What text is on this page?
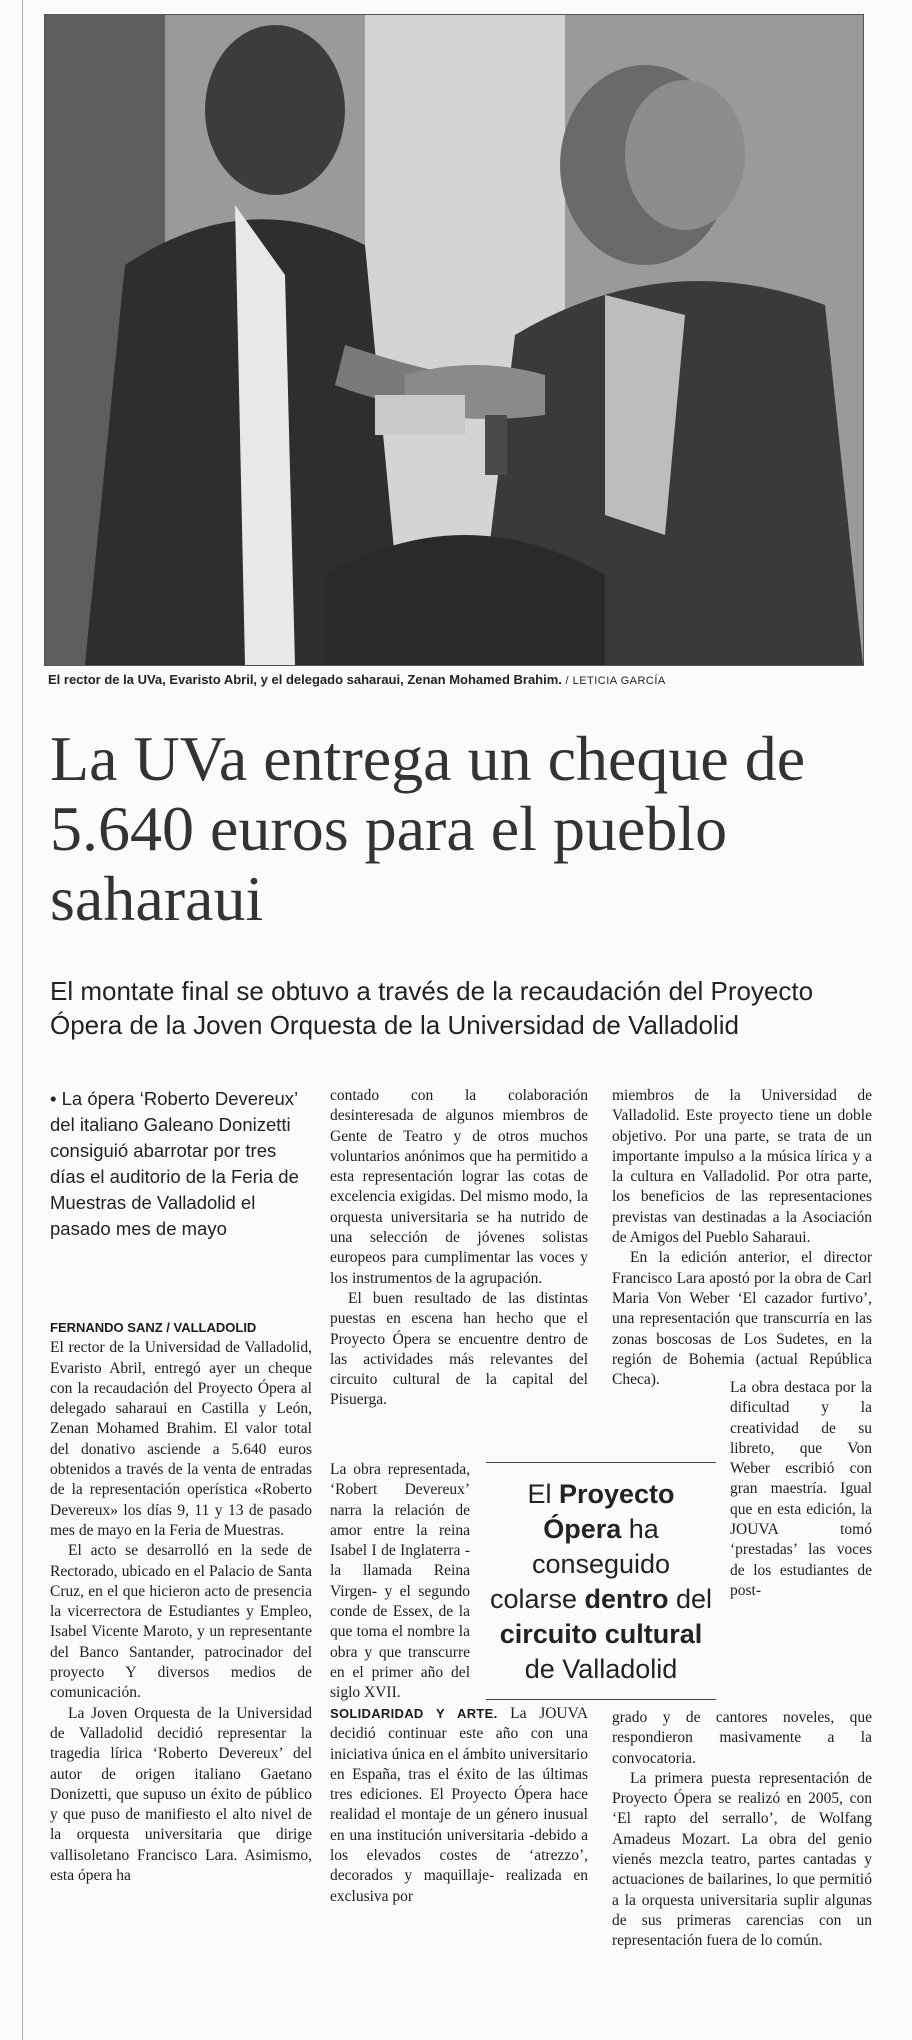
El rector de la UVa, Evaristo Abril, y el delegado saharaui, Zenan Mohamed Brahim. / LETICIA GARCÍA
La UVa entrega un cheque de 5.640 euros para el pueblo saharaui
El montate final se obtuvo a través de la recaudación del Proyecto Ópera de la Joven Orquesta de la Universidad de Valladolid
• La ópera ‘Roberto Devereux’ del italiano Galeano Donizetti consiguió abarrotar por tres días el auditorio de la Feria de Muestras de Valladolid el pasado mes de mayo

FERNANDO SANZ / VALLADOLID

El rector de la Universidad de Valladolid, Evaristo Abril, entregó ayer un cheque con la recaudación del Proyecto Ópera al delegado saharaui en Castilla y León, Zenan Mohamed Brahim. El valor total del donativo asciende a 5.640 euros obtenidos a través de la venta de entradas de la representación operística «Roberto Devereux» los días 9, 11 y 13 de pasado mes de mayo en la Feria de Muestras.

El acto se desarrolló en la sede de Rectorado, ubicado en el Palacio de Santa Cruz, en el que hicieron acto de presencia la vicerrectora de Estudiantes y Empleo, Isabel Vicente Maroto, y un representante del Banco Santander, patrocinador del proyecto Y diversos medios de comunicación.

La Joven Orquesta de la Universidad de Valladolid decidió representar la tragedia lírica ‘Roberto Devereux’ del autor de origen italiano Gaetano Donizetti, que supuso un éxito de público y que puso de manifiesto el alto nivel de la orquesta universitaria que dirige vallisoletano Francisco Lara. Asimismo, esta ópera ha

contado con la colaboración desinteresada de algunos miembros de Gente de Teatro y de otros muchos voluntarios anónimos que ha permitido a esta representación lograr las cotas de excelencia exigidas. Del mismo modo, la orquesta universitaria se ha nutrido de una selección de jóvenes solistas europeos para cumplimentar las voces y los instrumentos de la agrupación.

El buen resultado de las distintas puestas en escena han hecho que el Proyecto Ópera se encuentre dentro de las actividades más relevantes del circuito cultural de la capital del Pisuerga.

La obra representada, ‘Robert Devereux’ narra la relación de amor entre la reina Isabel I de Inglaterra -la llamada Reina Virgen- y el segundo conde de Essex, de la que toma el nombre la obra y que transcurre en el primer año del siglo XVII.

SOLIDARIDAD Y ARTE. La JOUVA decidió continuar este año con una iniciativa única en el ámbito universitario en España, tras el éxito de las últimas tres ediciones. El Proyecto Ópera hace realidad el montaje de un género inusual en una institución universitaria -debido a los elevados costes de ‘atrezzo’, decorados y maquillaje- realizada en exclusiva por

miembros de la Universidad de Valladolid. Este proyecto tiene un doble objetivo. Por una parte, se trata de un importante impulso a la música lírica y a la cultura en Valladolid. Por otra parte, los beneficios de las representaciones previstas van destinadas a la Asociación de Amigos del Pueblo Saharaui.

En la edición anterior, el director Francisco Lara apostó por la obra de Carl Maria Von Weber ‘El cazador furtivo’, una representación que transcurría en las zonas boscosas de Los Sudetes, en la región de Bohemia (actual República Checa).	La obra destaca por la dificultad y la creatividad de su libreto, que Von Weber escribió con gran maestría. Igual que en esta edición, la JOUVA tomó ‘prestadas’ las voces de los estudiantes de post-

grado y de cantores noveles, que respondieron masivamente a la convocatoria.

La primera puesta representación de Proyecto Ópera se realizó en 2005, con ‘El rapto del serrallo’, de Wolfang Amadeus Mozart. La obra del genio vienés mezcla teatro, partes cantadas y actuaciones de bailarines, lo que permitió a la orquesta universitaria suplir algunas de sus primeras carencias con un representación fuera de lo común.

El Proyecto Ópera ha conseguido colarse dentro del circuito cultural de Valladolid
